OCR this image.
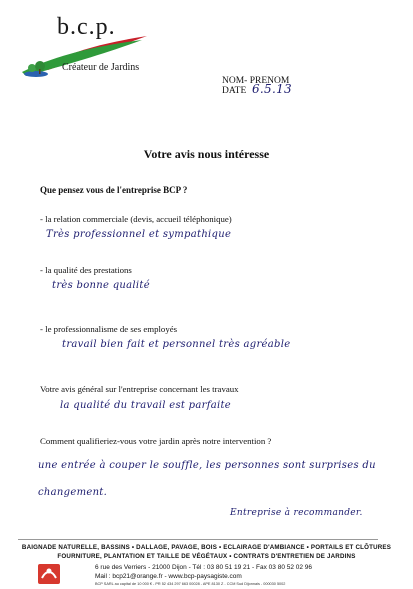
b.c.p.
Créateur de Jardins
NOM- PRENOM
DATE 6.5.13
Votre avis nous intéresse
Que pensez vous de l'entreprise BCP ?
- la relation commerciale (devis, accueil téléphonique)
Très professionnel et sympathique
- la qualité des prestations
très bonne qualité
- le professionnalisme de ses employés
travail bien fait et personnel très agréable
Votre avis général sur l'entreprise concernant les travaux
la qualité du travail est parfaite
Comment qualifieriez-vous votre jardin après notre intervention ?
une entrée à couper le souffle, les personnes sont surprises du changement.
Entreprise à recommander.
BAIGNADE NATURELLE, BASSINS • DALLAGE, PAVAGE, BOIS • ECLAIRAGE D'AMBIANCE • PORTAILS ET CLÔTURES
FOURNITURE, PLANTATION ET TAILLE DE VÉGÉTAUX • CONTRATS D'ENTRETIEN DE JARDINS
6 rue des Verriers - 21000 Dijon - Tél : 03 80 51 19 21 - Fax 03 80 52 02 96
Mail : bcp21@orange.fr - www.bcp-paysagiste.com
BCP SARL au capital de 10 000 € - PR 52 434 297 663 00028 - APE 8130 Z - CCM Sud Dijonnais - 000030 5002
